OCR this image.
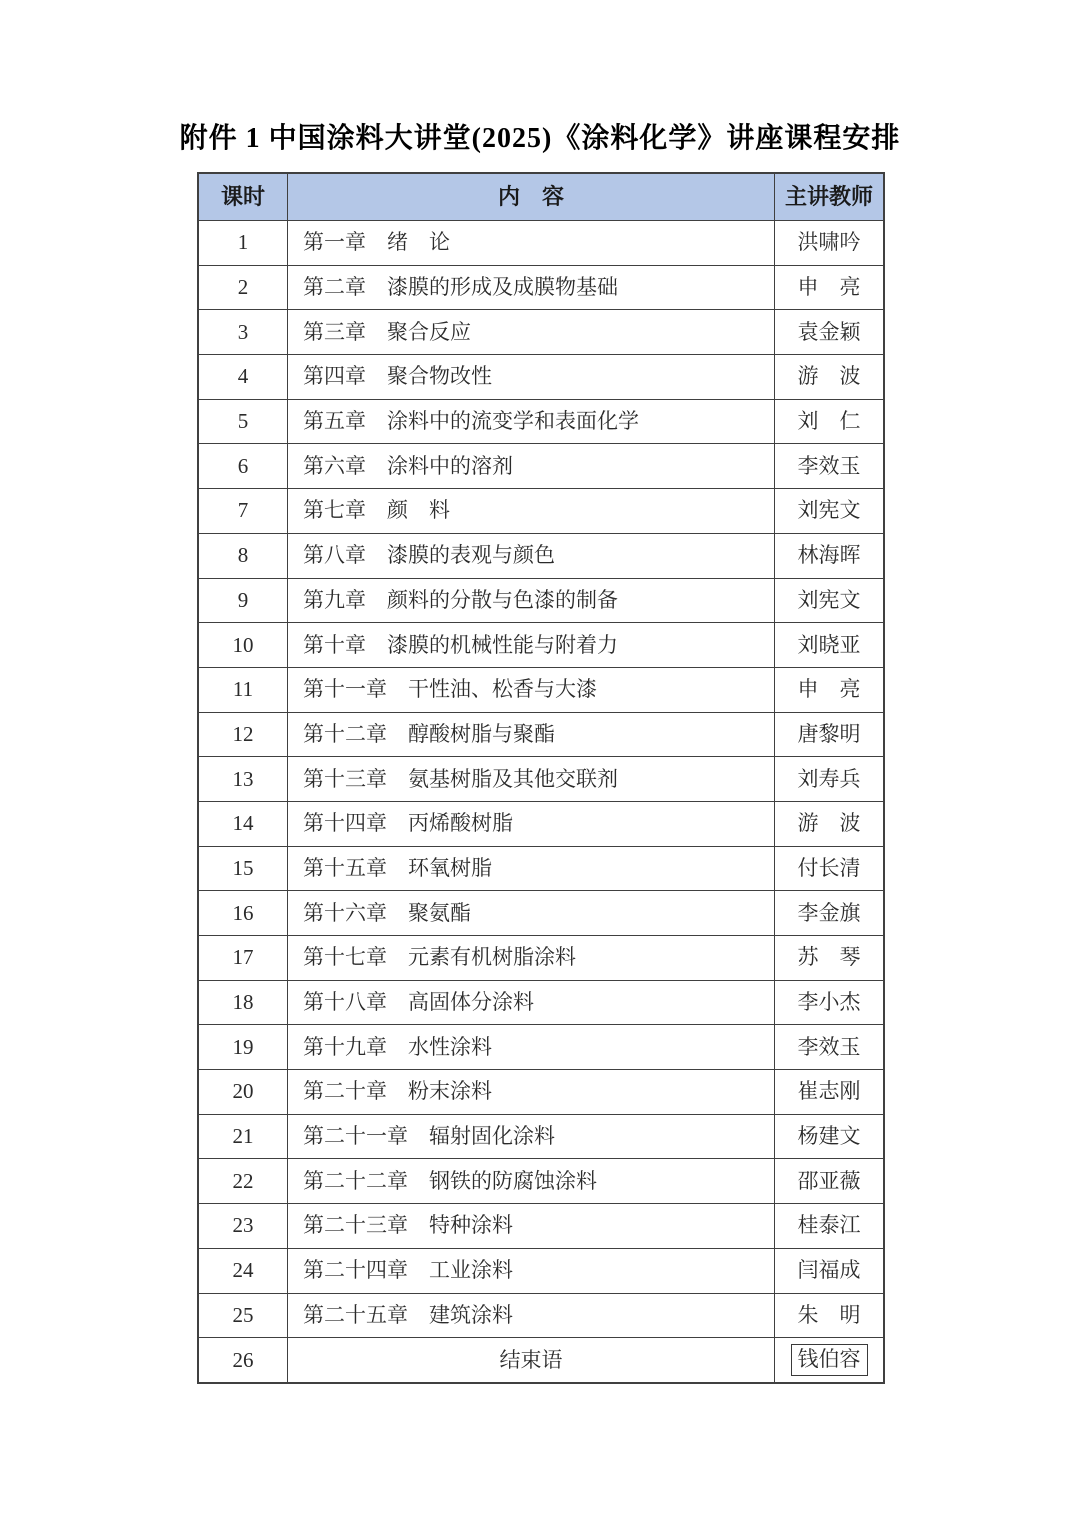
附件 1 中国涂料大讲堂(2025)《涂料化学》讲座课程安排
课时	内　容	主讲教师
1	第一章　绪　论	洪啸吟
2	第二章　漆膜的形成及成膜物基础	申　亮
3	第三章　聚合反应	袁金颖
4	第四章　聚合物改性	游　波
5	第五章　涂料中的流变学和表面化学	刘　仁
6	第六章　涂料中的溶剂	李效玉
7	第七章　颜　料	刘宪文
8	第八章　漆膜的表观与颜色	林海晖
9	第九章　颜料的分散与色漆的制备	刘宪文
10	第十章　漆膜的机械性能与附着力	刘晓亚
11	第十一章　干性油、松香与大漆	申　亮
12	第十二章　醇酸树脂与聚酯	唐黎明
13	第十三章　氨基树脂及其他交联剂	刘寿兵
14	第十四章　丙烯酸树脂	游　波
15	第十五章　环氧树脂	付长清
16	第十六章　聚氨酯	李金旗
17	第十七章　元素有机树脂涂料	苏　琴
18	第十八章　高固体分涂料	李小杰
19	第十九章　水性涂料	李效玉
20	第二十章　粉末涂料	崔志刚
21	第二十一章　辐射固化涂料	杨建文
22	第二十二章　钢铁的防腐蚀涂料	邵亚薇
23	第二十三章　特种涂料	桂泰江
24	第二十四章　工业涂料	闫福成
25	第二十五章　建筑涂料	朱　明
26	结束语	钱伯容
